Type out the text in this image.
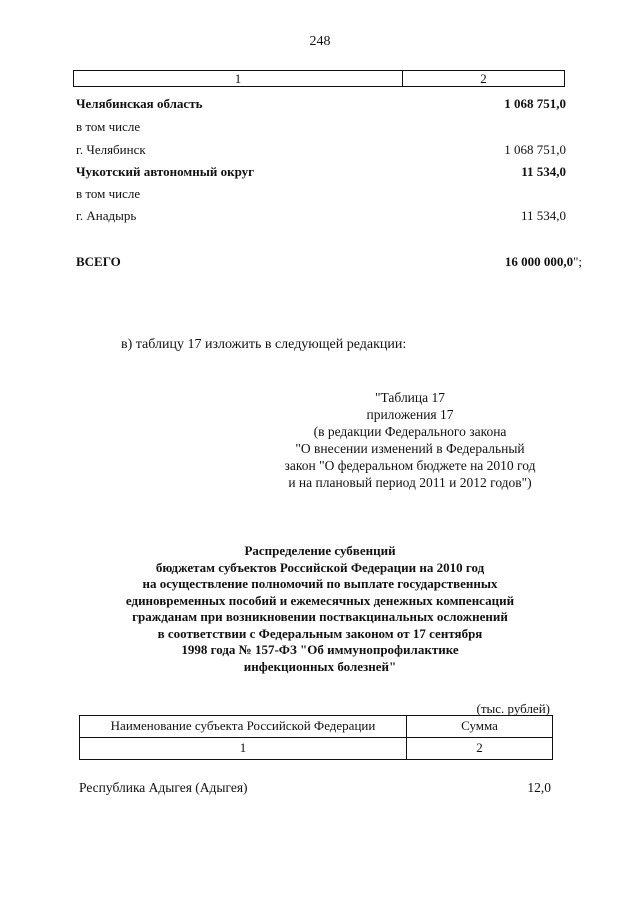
248
1	2
Челябинская область	1 068 751,0
в том числе
г. Челябинск	1 068 751,0
Чукотский автономный округ	11 534,0
в том числе
г. Анадырь	11 534,0
ВСЕГО	16 000 000,0";
в) таблицу 17 изложить в следующей редакции:
"Таблица 17
приложения 17
(в редакции Федерального закона
"О внесении изменений в Федеральный
закон "О федеральном бюджете на 2010 год
и на плановый период 2011 и 2012 годов")
Распределение субвенций
бюджетам субъектов Российской Федерации на 2010 год
на осуществление полномочий по выплате государственных
единовременных пособий и ежемесячных денежных компенсаций
гражданам при возникновении поствакцинальных осложнений
в соответствии с Федеральным законом от 17 сентября
1998 года № 157-ФЗ "Об иммунопрофилактике
инфекционных болезней"
(тыс. рублей)
Наименование субъекта Российской Федерации	Сумма
1	2
Республика Адыгея (Адыгея)	12,0
